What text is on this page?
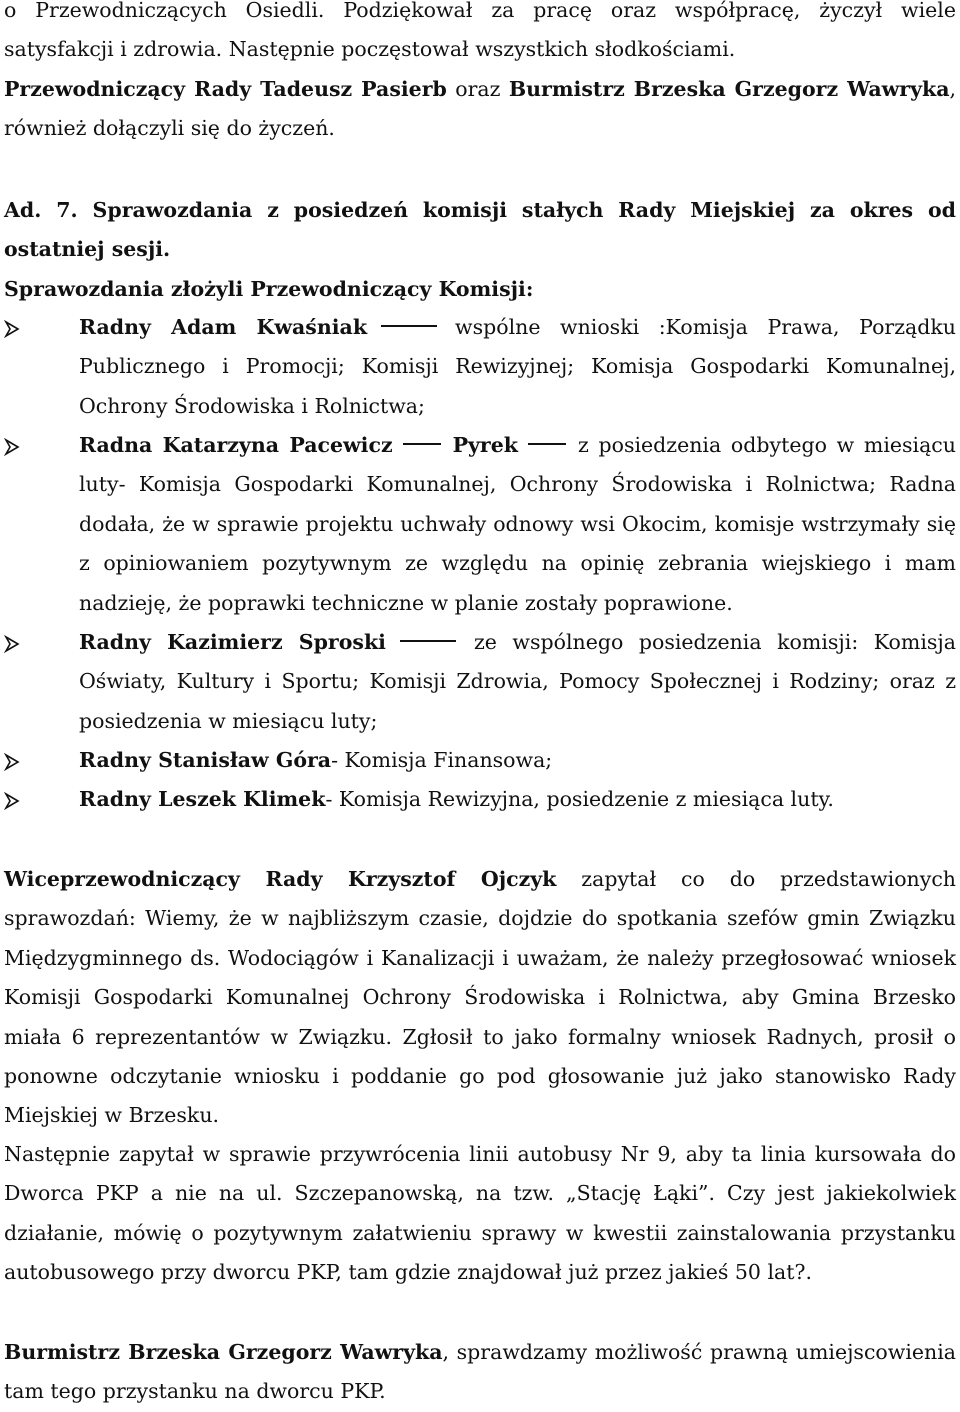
o Przewodniczących Osiedli. Podziękował za pracę oraz współpracę, życzył wiele satysfakcji i zdrowia. Następnie poczęstował wszystkich słodkościami.
Przewodniczący Rady Tadeusz Pasierb oraz Burmistrz Brzeska Grzegorz Wawryka, również dołączyli się do życzeń.

Ad. 7. Sprawozdania z posiedzeń komisji stałych Rady Miejskiej za okres od ostatniej sesji.
Sprawozdania złożyli Przewodniczący Komisji:

Radny Adam Kwaśniak	wspólne wnioski :Komisja Prawa, Porządku Publicznego i Promocji; Komisji Rewizyjnej; Komisja Gospodarki Komunalnej, Ochrony Środowiska i Rolnictwa;

Radna Katarzyna Pacewicz	Pyrek	z posiedzenia odbytego w miesiącu luty- Komisja Gospodarki Komunalnej, Ochrony Środowiska i Rolnictwa; Radna dodała, że w sprawie projektu uchwały odnowy wsi Okocim, komisje wstrzymały się z opiniowaniem pozytywnym ze względu na opinię zebrania wiejskiego i mam nadzieję, że poprawki techniczne w planie zostały poprawione.

Radny Kazimierz Sproski	ze wspólnego posiedzenia komisji: Komisja Oświaty, Kultury i Sportu; Komisji Zdrowia, Pomocy Społecznej i Rodziny; oraz z posiedzenia w miesiącu luty;

Radny Stanisław Góra- Komisja Finansowa;

Radny Leszek Klimek- Komisja Rewizyjna, posiedzenie z miesiąca luty.

Wiceprzewodniczący Rady Krzysztof Ojczyk zapytał co do przedstawionych sprawozdań: Wiemy, że w najbliższym czasie, dojdzie do spotkania szefów gmin Związku Międzygminnego ds. Wodociągów i Kanalizacji i uważam, że należy przegłosować wniosek Komisji Gospodarki Komunalnej Ochrony Środowiska i Rolnictwa, aby Gmina Brzesko miała 6 reprezentantów w Związku. Zgłosił to jako formalny wniosek Radnych, prosił o ponowne odczytanie wniosku i poddanie go pod głosowanie już jako stanowisko Rady Miejskiej w Brzesku.

Następnie zapytał w sprawie przywrócenia linii autobusy Nr 9, aby ta linia kursowała do Dworca PKP a nie na ul. Szczepanowską, na tzw. „Stację Łąki”. Czy jest jakiekolwiek działanie, mówię o pozytywnym załatwieniu sprawy w kwestii zainstalowania przystanku autobusowego przy dworcu PKP, tam gdzie znajdował już przez jakieś 50 lat?.

Burmistrz Brzeska Grzegorz Wawryka, sprawdzamy możliwość prawną umiejscowienia tam tego przystanku na dworcu PKP.
